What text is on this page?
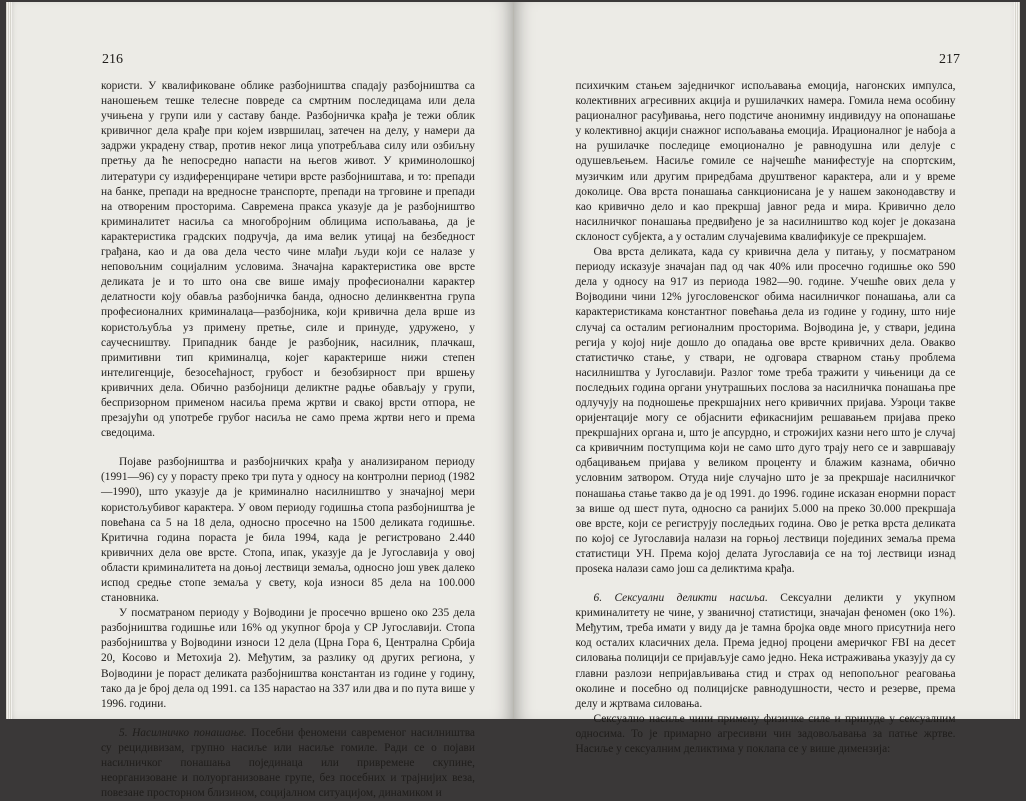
216

користи. У квалификоване облике разбојништва спадају разбојништва са наношењем тешке телесне повреде са смртним последицама или дела учињена у групи или у саставу банде. Разбојничка крађа је тежи облик кривичног дела крађе при којем извршилац, затечен на делу, у намери да задржи украдену ствар, против неког лица употребљава силу или озбиљну претњу да ће непосредно напасти на његов живот. У криминолошкој литератури су издиференциране четири врсте разбојништава, и то: препади на банке, препади на вредносне транспорте, препади на трговине и препади на отвореним просторима. Савремена пракса указује да је разбојништво криминалитет насиља са многобројним облицима испољавања, да је карактеристика градских подручја, да има велик утицај на безбедност грађана, као и да ова дела често чине млађи људи који се налазе у неповољним социјалним условима. Значајна карактеристика ове врсте деликата је и то што она све више имају професионални карактер делатности коју обавља разбојничка банда, односно делинквентна група професионалних криминалаца—разбојника, који кривична дела врше из користољубља уз примену претње, силе и принуде, удружено, у саучесништву. Припадник банде је разбојник, насилник, плачкаш, примитивни тип криминалца, којег карактерише нижи степен интелигенције, безосећајност, грубост и безобзирност при вршењу кривичних дела. Обично разбојници деликтне радње обављају у групи, беспризорном применом насиља према жртви и свакој врсти отпора, не презајући од употребе грубог насиља не само према жртви него и према сведоцима.

Појаве разбојништва и разбојничких крађа у анализираном периоду (1991—96) су у порасту преко три пута у односу на контролни период (1982—1990), што указује да је криминално насилништво у значајној мери користољубивог карактера. У овом периоду годишња стопа разбојништва је повећана са 5 на 18 дела, односно просечно на 1500 деликата годишње. Критична година пораста је била 1994, када је регистровано 2.440 кривичних дела ове врсте. Стопа, ипак, указује да је Југославија у овој области криминалитета на доњој лествици земаља, односно још увек далеко испод средње стопе земаља у свету, која износи 85 дела на 100.000 становника.

У посматраном периоду у Војводини је просечно вршено око 235 дела разбојништва годишње или 16% од укупног броја у СР Југославији. Стопа разбојништва у Војводини износи 12 дела (Црна Гора 6, Централна Србија 20, Косово и Метохија 2). Међутим, за разлику од других региона, у Војводини је пораст деликата разбојништва константан из године у годину, тако да је број дела од 1991. са 135 нарастао на 337 или два и по пута више у 1996. години.

5. Насилничко понашање. Посебни феномени савременог насилништва су рецидивизам, групно насиље или насиље гомиле. Ради се о појави насилничког понашања појединаца или привремене скупине, неорганизоване и полуорганизоване групе, без посебних и трајнијих веза, повезане просторном близином, социјалном ситуацијом, динамиком и

217

психичким стањем заједничког испољавања емоција, нагонских импулса, колективних агресивних акција и рушилачких намера. Гомила нема особину рационалног расуђивања, него подстиче анонимну индивидуу на опонашање у колективној акцији снажног испољавања емоција. Ирационалног је набоја а на рушилачке последице емоционално је равнодушна или делује с одушевљењем. Насиље гомиле се најчешће манифестује на спортским, музичким или другим приредбама друштвеног карактера, али и у време доколице. Ова врста понашања санкционисана је у нашем законодавству и као кривично дело и као прекршај јавног реда и мира. Кривично дело насилничког понашања предвиђено је за насилништво код којег је доказана склоност субјекта, а у осталим случајевима квалификује се прекршајем.

Ова врста деликата, када су кривична дела у питању, у посматраном периоду исказује значајан пад од чак 40% или просечно годишње око 590 дела у односу на 917 из периода 1982—90. године. Учешће ових дела у Војводини чини 12% југословенског обима насилничког понашања, али са карактеристикама константног повећања дела из године у годину, што није случај са осталим регионалним просторима. Војводина је, у ствари, једина регија у којој није дошло до опадања ове врсте кривичних дела. Овакво статистичко стање, у ствари, не одговара стварном стању проблема насилништва у Југославији. Разлог томе треба тражити у чињеници да се последњих година органи унутрашњих послова за насилничка понашања пре одлучују на подношење прекршајних него кривичних пријава. Узроци такве оријентације могу се објаснити ефикаснијим решавањем пријава преко прекршајних органа и, што је апсурдно, и строжијих казни него што је случај са кривичним поступцима који не само што дуго трају него се и завршавају одбацивањем пријава у великом проценту и блажим казнама, обично условним затвором. Отуда није случајно што је за прекршаје насилничког понашања стање такво да је од 1991. до 1996. године исказан енормни пораст за више од шест пута, односно са ранијих 5.000 на преко 30.000 прекршаја ове врсте, који се региструју последњих година. Ово је ретка врста деликата по којој се Југославија налази на горњој лествици појединих земаља према статистици УН. Према којој делата Југославија се на тој лествици изнад проsека налази само још са деликтима крађа.

6. Сексуални деликти насиља. Сексуални деликти у укупном криминалитету не чине, у званичној статистици, значајан феномен (око 1%). Међутим, треба имати у виду да је тамна бројка овде много присутнија него код осталих класичних дела. Према једној процени америчког FBI на десет силовања полицији се пријављује само једно. Нека истраживања указују да су главни разлози непријављивања стид и страх од непопољног реаговања околине и посебно од полицијске равнодушности, често и резерве, према делу и жртвама силовања.

Сексуално насиље чини примену физичке силе и принуде у сексуалним односима. То је примарно агресивни чин задовољавања за патње жртве. Насиље у сексуалним деликтима у поклапа се у више димензија:
